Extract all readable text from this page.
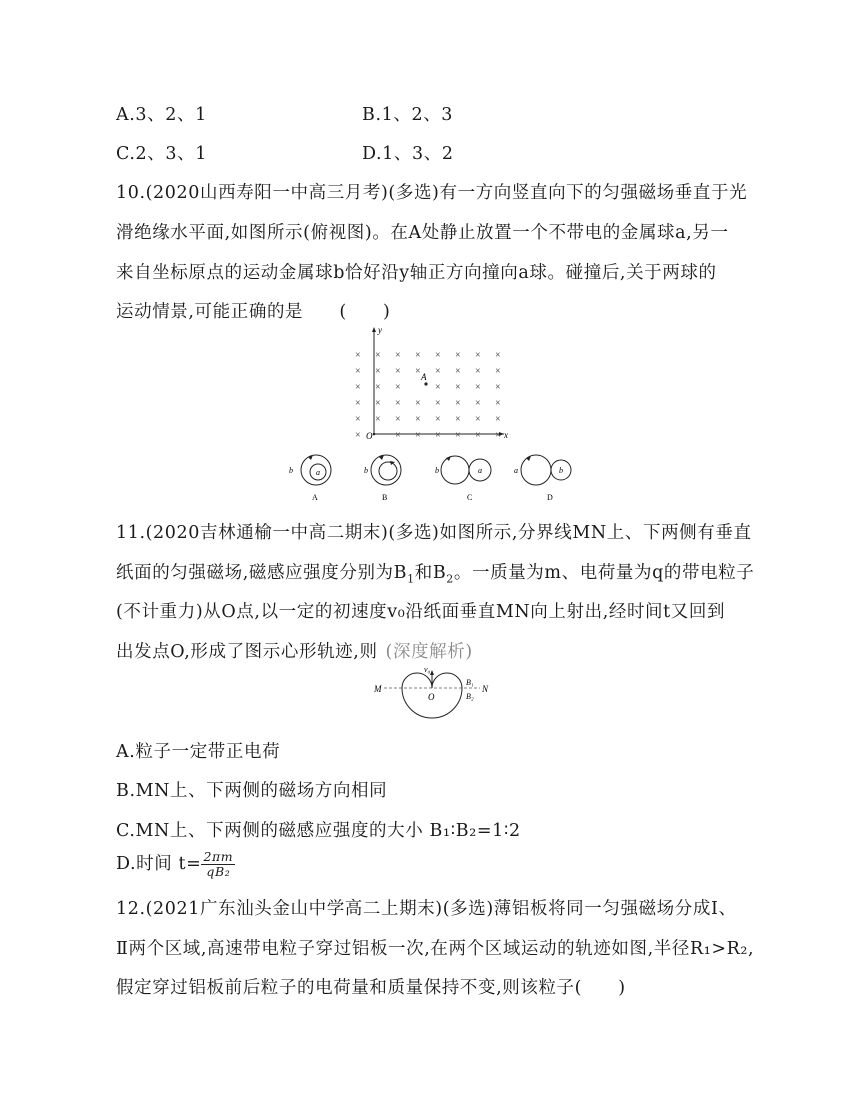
A.3、2、1	B.1、2、3
C.2、3、1	D.1、3、2
10.(2020山西寿阳一中高三月考)(多选)有一方向竖直向下的匀强磁场垂直于光
滑绝缘水平面,如图所示(俯视图)。在A处静止放置一个不带电的金属球a,另一
来自坐标原点的运动金属球b恰好沿y轴正方向撞向a球。碰撞后,关于两球的
运动情景,可能正确的是　　(　　)
y
x
O
× × × × × × × ×
× × × × × × × ×
× × ×	× × × ×
× × × × × × × ×
× × × × × × × ×
×	× × × × × ×
A
a
b
A
b
B
b	a
C
a	b
D
11.(2020吉林通榆一中高二期末)(多选)如图所示,分界线MN上、下两侧有垂直
纸面的匀强磁场,磁感应强度分别为$B_1$和$B_2$。一质量为m、电荷量为q的带电粒子
(不计重力)从O点,以一定的初速度v₀沿纸面垂直MN向上射出,经时间t又回到
出发点O,形成了图示心形轨迹,则 (深度解析)
M	N
O
v₀
B₁
B₂
A.粒子一定带正电荷
B.MN上、下两侧的磁场方向相同
C.MN上、下两侧的磁感应强度的大小 B₁∶B₂=1∶2
D.时间 $t= \frac{2\pi m}{\text{qB₂}}$
12.(2021广东汕头金山中学高二上期末)(多选)薄铝板将同一匀强磁场分成Ⅰ、
Ⅱ两个区域,高速带电粒子穿过铝板一次,在两个区域运动的轨迹如图,半径R₁>R₂,
假定穿过铝板前后粒子的电荷量和质量保持不变,则该粒子(　　)
